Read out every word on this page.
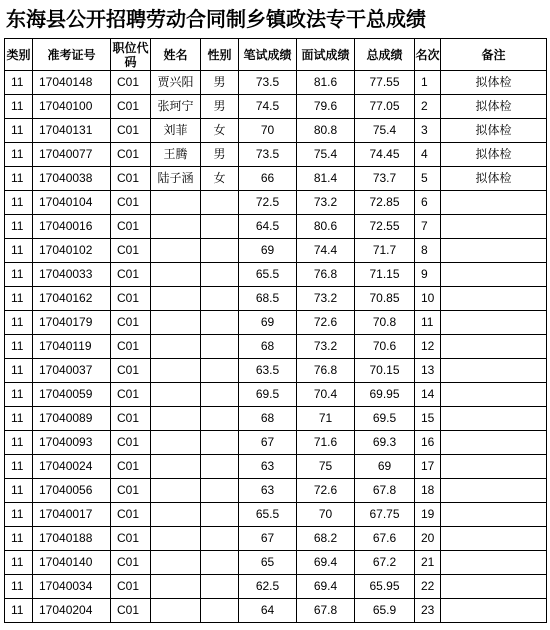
东海县公开招聘劳动合同制乡镇政法专干总成绩
类别	准考证号	职位代码	姓名	性别	笔试成绩	面试成绩	总成绩	名次	备注
11	17040148	C01	贾兴阳	男	73.5	81.6	77.55	1	拟体检
11	17040100	C01	张珂宁	男	74.5	79.6	77.05	2	拟体检
11	17040131	C01	刘菲	女	70	80.8	75.4	3	拟体检
11	17040077	C01	王腾	男	73.5	75.4	74.45	4	拟体检
11	17040038	C01	陆子涵	女	66	81.4	73.7	5	拟体检
11	17040104	C01			72.5	73.2	72.85	6	
11	17040016	C01			64.5	80.6	72.55	7	
11	17040102	C01			69	74.4	71.7	8	
11	17040033	C01			65.5	76.8	71.15	9	
11	17040162	C01			68.5	73.2	70.85	10	
11	17040179	C01			69	72.6	70.8	11	
11	17040119	C01			68	73.2	70.6	12	
11	17040037	C01			63.5	76.8	70.15	13	
11	17040059	C01			69.5	70.4	69.95	14	
11	17040089	C01			68	71	69.5	15	
11	17040093	C01			67	71.6	69.3	16	
11	17040024	C01			63	75	69	17	
11	17040056	C01			63	72.6	67.8	18	
11	17040017	C01			65.5	70	67.75	19	
11	17040188	C01			67	68.2	67.6	20	
11	17040140	C01			65	69.4	67.2	21	
11	17040034	C01			62.5	69.4	65.95	22	
11	17040204	C01			64	67.8	65.9	23	
